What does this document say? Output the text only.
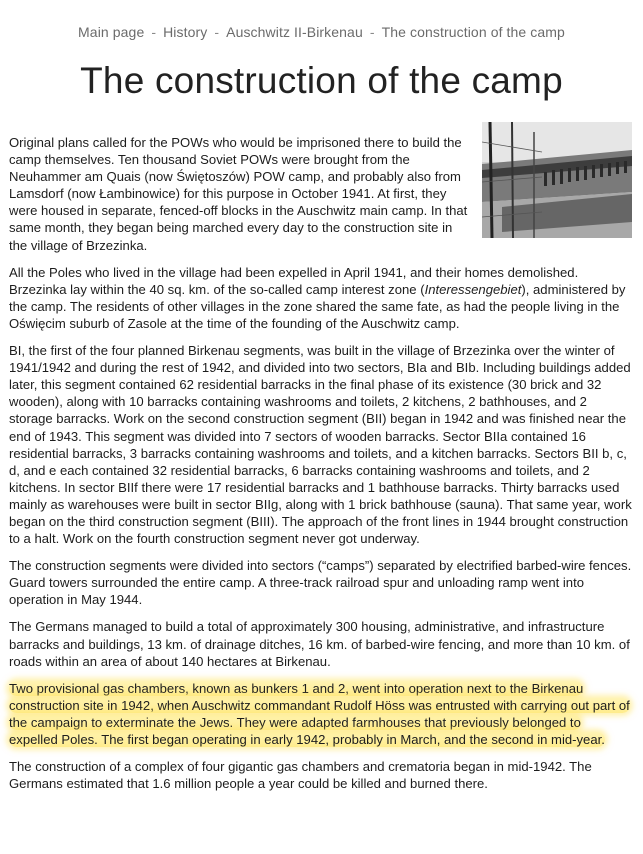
Main page - History - Auschwitz II-Birkenau - The construction of the camp
The construction of the camp

Original plans called for the POWs who would be imprisoned there to build the camp themselves. Ten thousand Soviet POWs were brought from the Neuhammer am Quais (now Świętoszów) POW camp, and probably also from Lamsdorf (now Łambinowice) for this purpose in October 1941. At first, they were housed in separate, fenced-off blocks in the Auschwitz main camp. In that same month, they began being marched every day to the construction site in the village of Brzezinka.

All the Poles who lived in the village had been expelled in April 1941, and their homes demolished. Brzezinka lay within the 40 sq. km. of the so-called camp interest zone (Interessengebiet), administered by the camp. The residents of other villages in the zone shared the same fate, as had the people living in the Oświęcim suburb of Zasole at the time of the founding of the Auschwitz camp.

BI, the first of the four planned Birkenau segments, was built in the village of Brzezinka over the winter of 1941/1942 and during the rest of 1942, and divided into two sectors, BIa and BIb. Including buildings added later, this segment contained 62 residential barracks in the final phase of its existence (30 brick and 32 wooden), along with 10 barracks containing washrooms and toilets, 2 kitchens, 2 bathhouses, and 2 storage barracks. Work on the second construction segment (BII) began in 1942 and was finished near the end of 1943. This segment was divided into 7 sectors of wooden barracks. Sector BIIa contained 16 residential barracks, 3 barracks containing washrooms and toilets, and a kitchen barracks. Sectors BII b, c, d, and e each contained 32 residential barracks, 6 barracks containing washrooms and toilets, and 2 kitchens. In sector BIIf there were 17 residential barracks and 1 bathhouse barracks. Thirty barracks used mainly as warehouses were built in sector BIIg, along with 1 brick bathhouse (sauna). That same year, work began on the third construction segment (BIII). The approach of the front lines in 1944 brought construction to a halt. Work on the fourth construction segment never got underway.

The construction segments were divided into sectors (“camps”) separated by electrified barbed-wire fences. Guard towers surrounded the entire camp. A three-track railroad spur and unloading ramp went into operation in May 1944.

The Germans managed to build a total of approximately 300 housing, administrative, and infrastructure barracks and buildings, 13 km. of drainage ditches, 16 km. of barbed-wire fencing, and more than 10 km. of roads within an area of about 140 hectares at Birkenau.

Two provisional gas chambers, known as bunkers 1 and 2, went into operation next to the Birkenau construction site in 1942, when Auschwitz commandant Rudolf Höss was entrusted with carrying out part of the campaign to exterminate the Jews. They were adapted farmhouses that previously belonged to expelled Poles. The first began operating in early 1942, probably in March, and the second in mid-year.

The construction of a complex of four gigantic gas chambers and crematoria began in mid-1942. The Germans estimated that 1.6 million people a year could be killed and burned there.
